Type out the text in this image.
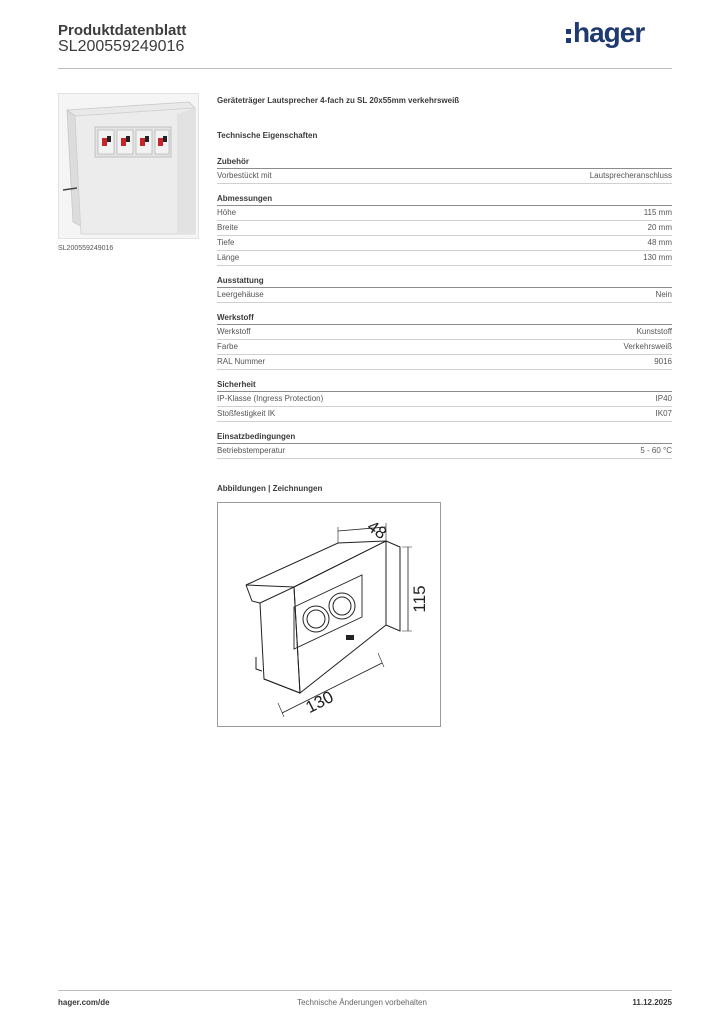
Produktdatenblatt
SL200559249016	hager
SL200559249016
Geräteträger Lautsprecher 4-fach zu SL 20x55mm verkehrsweiß
Technische Eigenschaften
Zubehör
Vorbestückt mit	Lautsprecheranschluss
Abmessungen
Höhe	115 mm
Breite	20 mm
Tiefe	48 mm
Länge	130 mm
Ausstattung
Leergehäuse	Nein
Werkstoff
Werkstoff	Kunststoff
Farbe	Verkehrsweiß
RAL Nummer	9016
Sicherheit
IP-Klasse (Ingress Protection)	IP40
Stoßfestigkeit IK	IK07
Einsatzbedingungen
Betriebstemperatur	5 - 60 °C
Abbildungen | Zeichnungen
48
115
130
Technische Änderungen vorbehalten
hager.com/de	11.12.2025
